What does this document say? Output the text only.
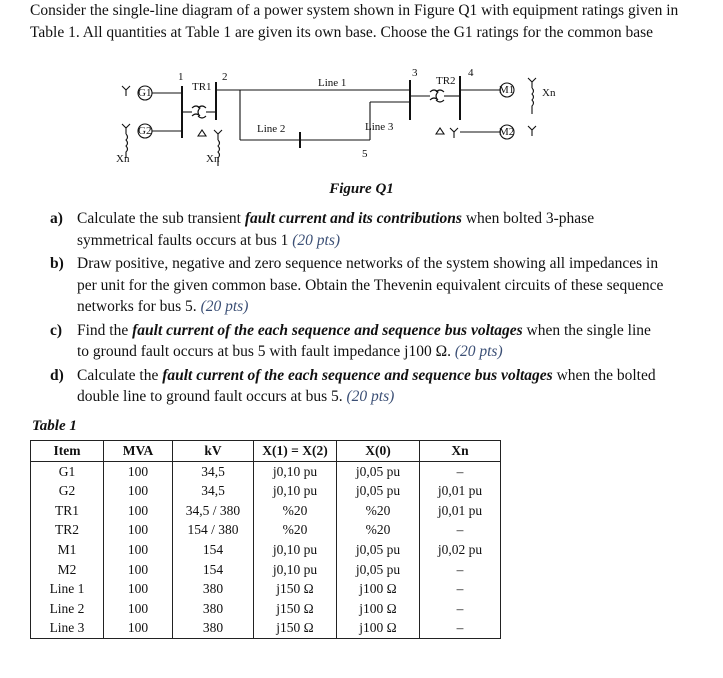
Consider the single-line diagram of a power system shown in Figure Q1 with equipment ratings given in Table 1. All quantities at Table 1 are given its own base. Choose the G1 ratings for the common base
G1
G2
Xn
TR1
Xn
1	2	Line 1
Line 2	Line 3
5
3
TR2
4
M1
M2
Xn
Figure Q1
a) Calculate the sub transient fault current and its contributions when bolted 3-phase symmetrical faults occurs at bus 1 (20 pts)
b) Draw positive, negative and zero sequence networks of the system showing all impedances in per unit for the given common base. Obtain the Thevenin equivalent circuits of these sequence networks for bus 5. (20 pts)
c) Find the fault current of the each sequence and sequence bus voltages when the single line to ground fault occurs at bus 5 with fault impedance j100 Ω. (20 pts)
d) Calculate the fault current of the each sequence and sequence bus voltages when the bolted double line to ground fault occurs at bus 5. (20 pts)
Table 1
Item	MVA	kV	X(1) = X(2)	X(0)	Xn
G1	100	34,5	j0,10 pu	j0,05 pu	–
G2	100	34,5	j0,10 pu	j0,05 pu	j0,01 pu
TR1	100	34,5 / 380	%20	%20	j0,01 pu
TR2	100	154 / 380	%20	%20	–
M1	100	154	j0,10 pu	j0,05 pu	j0,02 pu
M2	100	154	j0,10 pu	j0,05 pu	–
Line 1	100	380	j150 Ω	j100 Ω	–
Line 2	100	380	j150 Ω	j100 Ω	–
Line 3	100	380	j150 Ω	j100 Ω	–
